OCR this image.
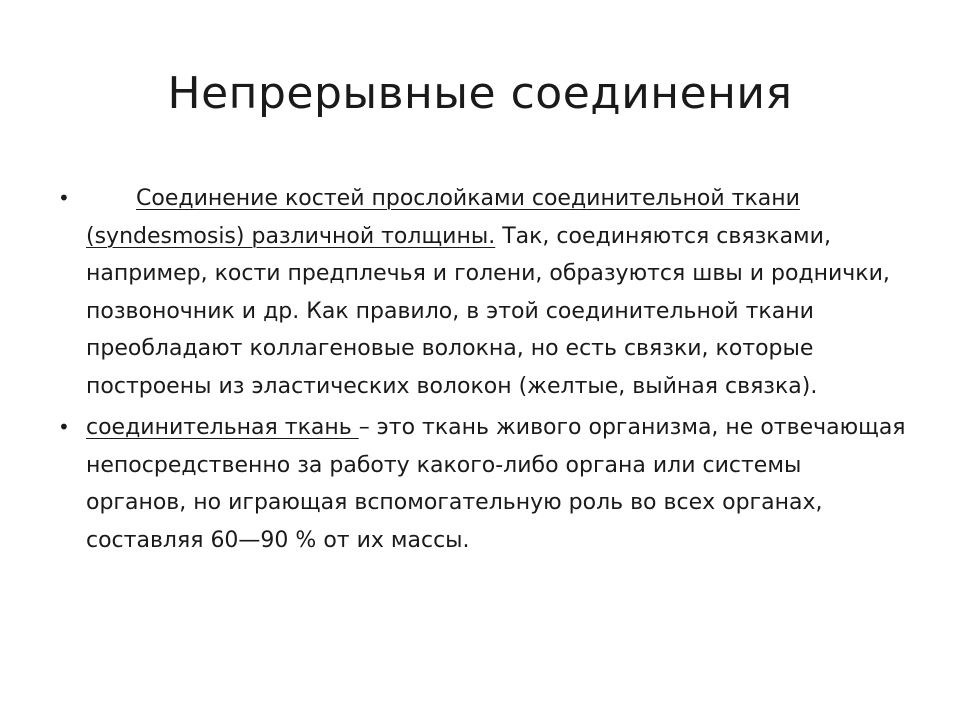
Непрерывные соединения
•	Соединение костей прослойками соединительной ткани (syndesmosis) различной толщины. Так, соединяются связками, например, кости предплечья и голени, образуются швы и роднички, позвоночник и др. Как правило, в этой соединительной ткани преобладают коллагеновые волокна, но есть связки, которые построены из эластических волокон (желтые, выйная связка).
• соединительная ткань – это ткань живого организма, не отвечающая непосредственно за работу какого-либо органа или системы органов, но играющая вспомогательную роль во всех органах, составляя 60—90 % от их массы.
